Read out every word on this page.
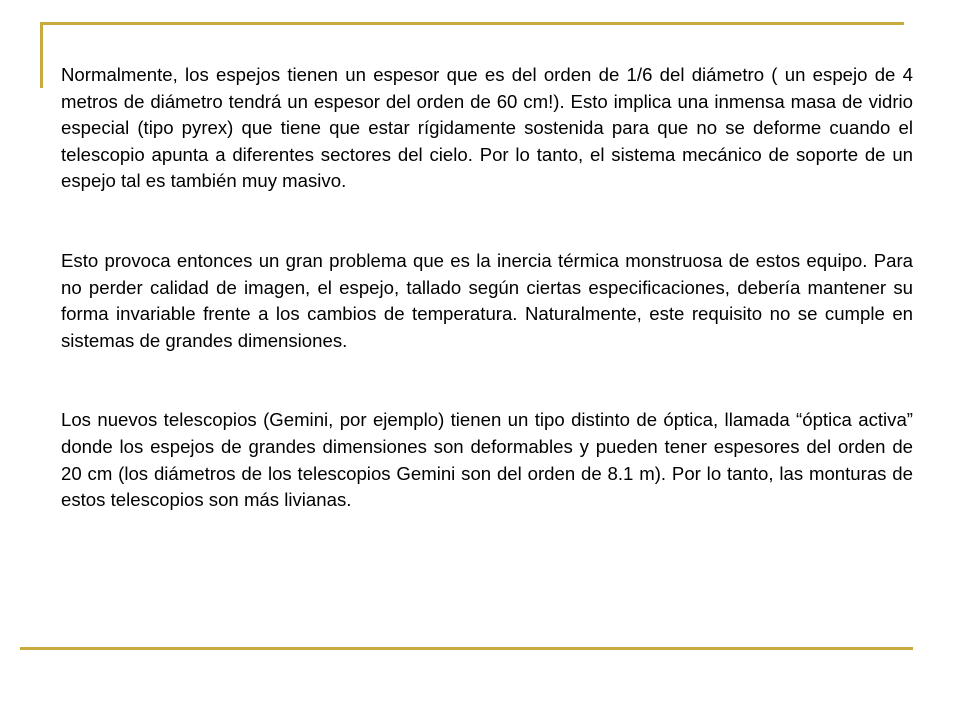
Normalmente, los espejos tienen un espesor que es del orden de 1/6 del diámetro ( un espejo de 4 metros de diámetro tendrá un espesor del orden de 60 cm!). Esto implica una inmensa masa de vidrio especial (tipo pyrex) que tiene que estar rígidamente sostenida para que no se deforme cuando el telescopio apunta a diferentes sectores del cielo. Por lo tanto, el sistema mecánico de soporte de un espejo tal es también muy masivo.

Esto provoca entonces un gran problema que es la inercia térmica monstruosa de estos equipo. Para no perder calidad de imagen, el espejo, tallado según ciertas especificaciones, debería mantener su forma invariable frente a los cambios de temperatura. Naturalmente, este requisito no se cumple en sistemas de grandes dimensiones.

Los nuevos telescopios (Gemini, por ejemplo) tienen un tipo distinto de óptica, llamada “óptica activa” donde los espejos de grandes dimensiones son deformables y pueden tener espesores del orden de 20 cm (los diámetros de los telescopios Gemini son del orden de 8.1 m). Por lo tanto, las monturas de estos telescopios son más livianas.
